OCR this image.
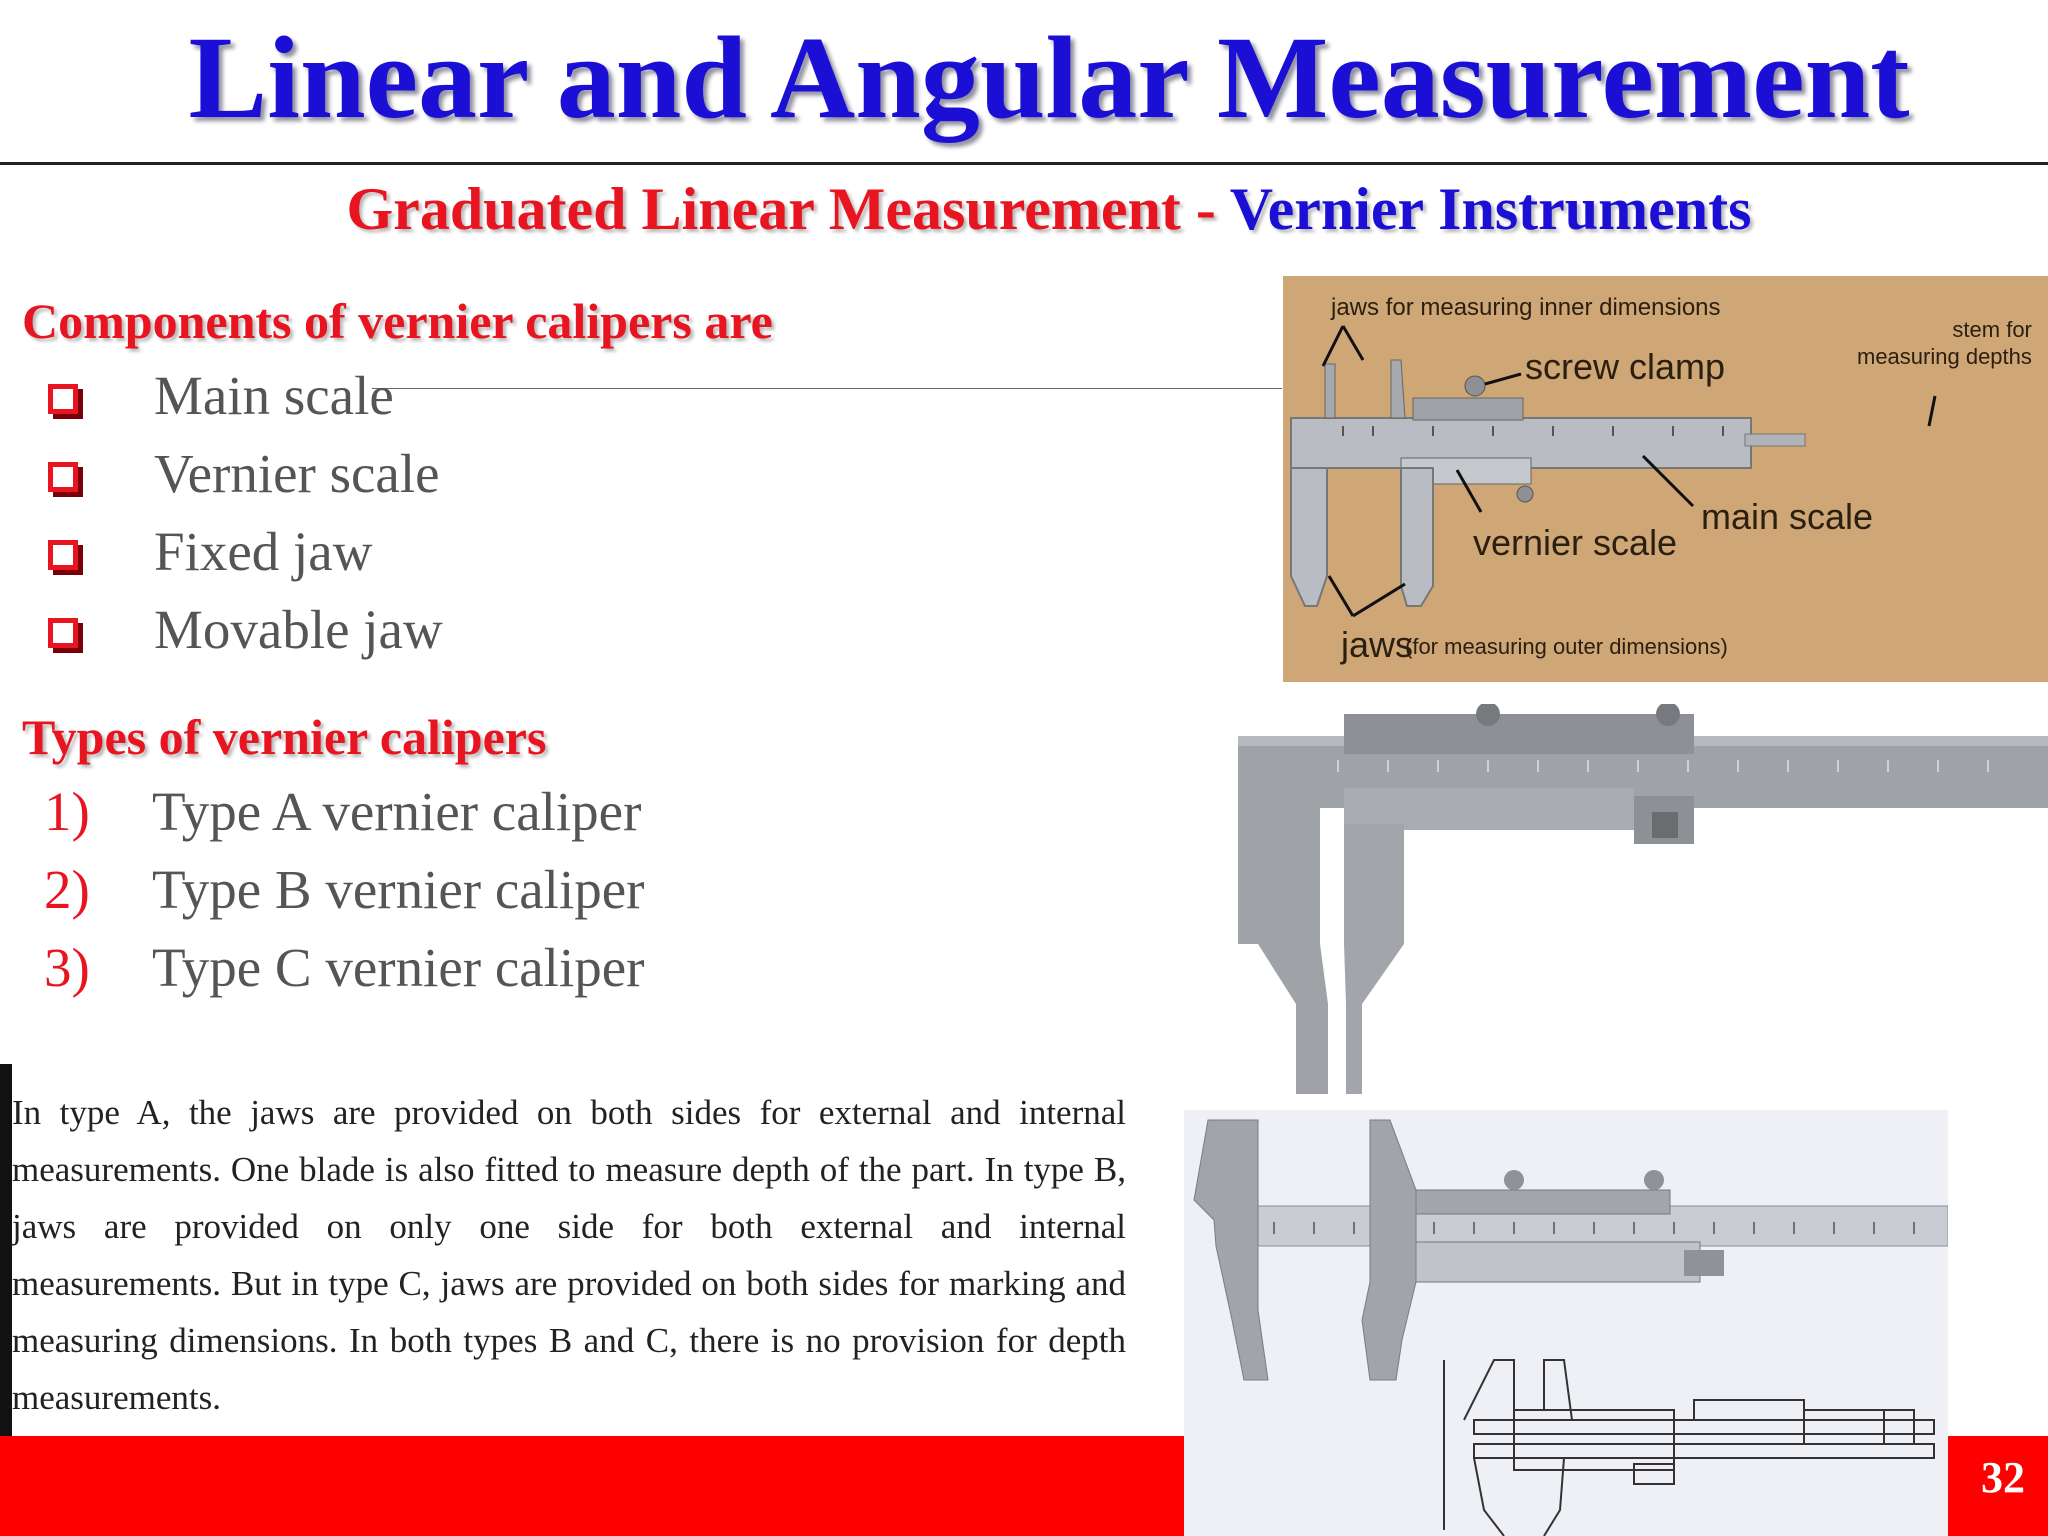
Linear and Angular Measurement
Graduated Linear Measurement - Vernier Instruments
Components of vernier calipers are
Main scale
Vernier scale
Fixed jaw
Movable jaw
Types of vernier calipers
1) Type A vernier caliper
2) Type B vernier caliper
3) Type C vernier caliper
jaws for measuring inner dimensions
screw clamp
stem for
measuring depths
main scale
vernier scale
jaws
(for measuring outer dimensions)
In type A, the jaws are provided on both sides for external and internal measurements. One blade is also fitted to measure depth of the part. In type B, jaws are provided on only one side for both external and internal measurements. But in type C, jaws are provided on both sides for marking and measuring dimensions. In both types B and C, there is no provision for depth measurements.
32
